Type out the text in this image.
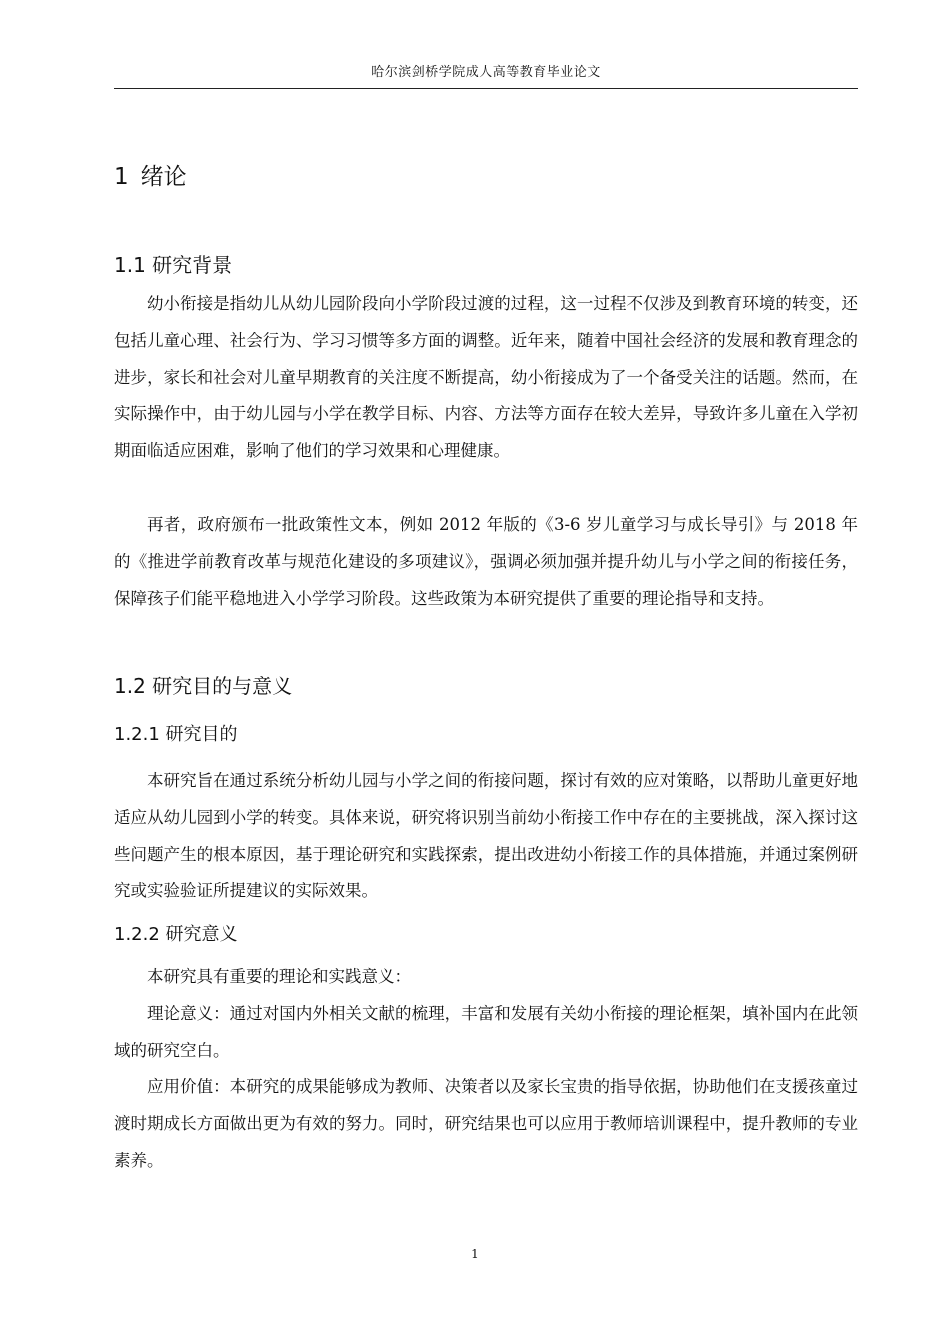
哈尔滨剑桥学院成人高等教育毕业论文
1 绪论
1.1 研究背景

幼小衔接是指幼儿从幼儿园阶段向小学阶段过渡的过程，这一过程不仅涉及到教育环境的转变，还包括儿童心理、社会行为、学习习惯等多方面的调整。近年来，随着中国社会经济的发展和教育理念的进步，家长和社会对儿童早期教育的关注度不断提高，幼小衔接成为了一个备受关注的话题。然而，在实际操作中，由于幼儿园与小学在教学目标、内容、方法等方面存在较大差异，导致许多儿童在入学初期面临适应困难，影响了他们的学习效果和心理健康。

再者，政府颁布一批政策性文本，例如 2012 年版的《3-6 岁儿童学习与成长导引》与 2018 年的《推进学前教育改革与规范化建设的多项建议》，强调必须加强并提升幼儿与小学之间的衔接任务，保障孩子们能平稳地进入小学学习阶段。这些政策为本研究提供了重要的理论指导和支持。

1.2 研究目的与意义
1.2.1 研究目的

本研究旨在通过系统分析幼儿园与小学之间的衔接问题，探讨有效的应对策略，以帮助儿童更好地适应从幼儿园到小学的转变。具体来说，研究将识别当前幼小衔接工作中存在的主要挑战，深入探讨这些问题产生的根本原因，基于理论研究和实践探索，提出改进幼小衔接工作的具体措施，并通过案例研究或实验验证所提建议的实际效果。

1.2.2 研究意义

本研究具有重要的理论和实践意义：

理论意义：通过对国内外相关文献的梳理，丰富和发展有关幼小衔接的理论框架，填补国内在此领域的研究空白。

应用价值：本研究的成果能够成为教师、决策者以及家长宝贵的指导依据，协助他们在支援孩童过渡时期成长方面做出更为有效的努力。同时，研究结果也可以应用于教师培训课程中，提升教师的专业素养。

1
